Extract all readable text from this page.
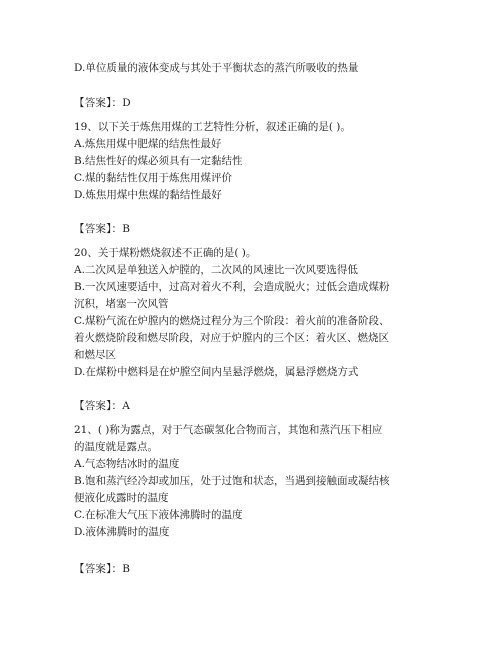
D.单位质量的液体变成与其处于平衡状态的蒸汽所吸收的热量
【答案】：D
19、以下关于炼焦用煤的工艺特性分析，叙述正确的是( )。
A.炼焦用煤中肥煤的结焦性最好
B.结焦性好的煤必须具有一定黏结性
C.煤的黏结性仅用于炼焦用煤评价
D.炼焦用煤中焦煤的黏结性最好
【答案】：B
20、关于煤粉燃烧叙述不正确的是( )。
A.二次风是单独送入炉膛的，二次风的风速比一次风要选得低
B.一次风速要适中，过高对着火不利，会造成脱火；过低会造成煤粉
沉积，堵塞一次风管
C.煤粉气流在炉膛内的燃烧过程分为三个阶段：着火前的准备阶段、
着火燃烧阶段和燃尽阶段，对应于炉膛内的三个区：着火区、燃烧区
和燃尽区
D.在煤粉中燃料是在炉膛空间内呈悬浮燃烧，属悬浮燃烧方式
【答案】：A
21、( )称为露点，对于气态碳氢化合物而言，其饱和蒸汽压下相应
的温度就是露点。
A.气态物结冰时的温度
B.饱和蒸汽经冷却或加压，处于过饱和状态，当遇到接触面或凝结核
便液化成露时的温度
C.在标准大气压下液体沸腾时的温度
D.液体沸腾时的温度
【答案】：B
